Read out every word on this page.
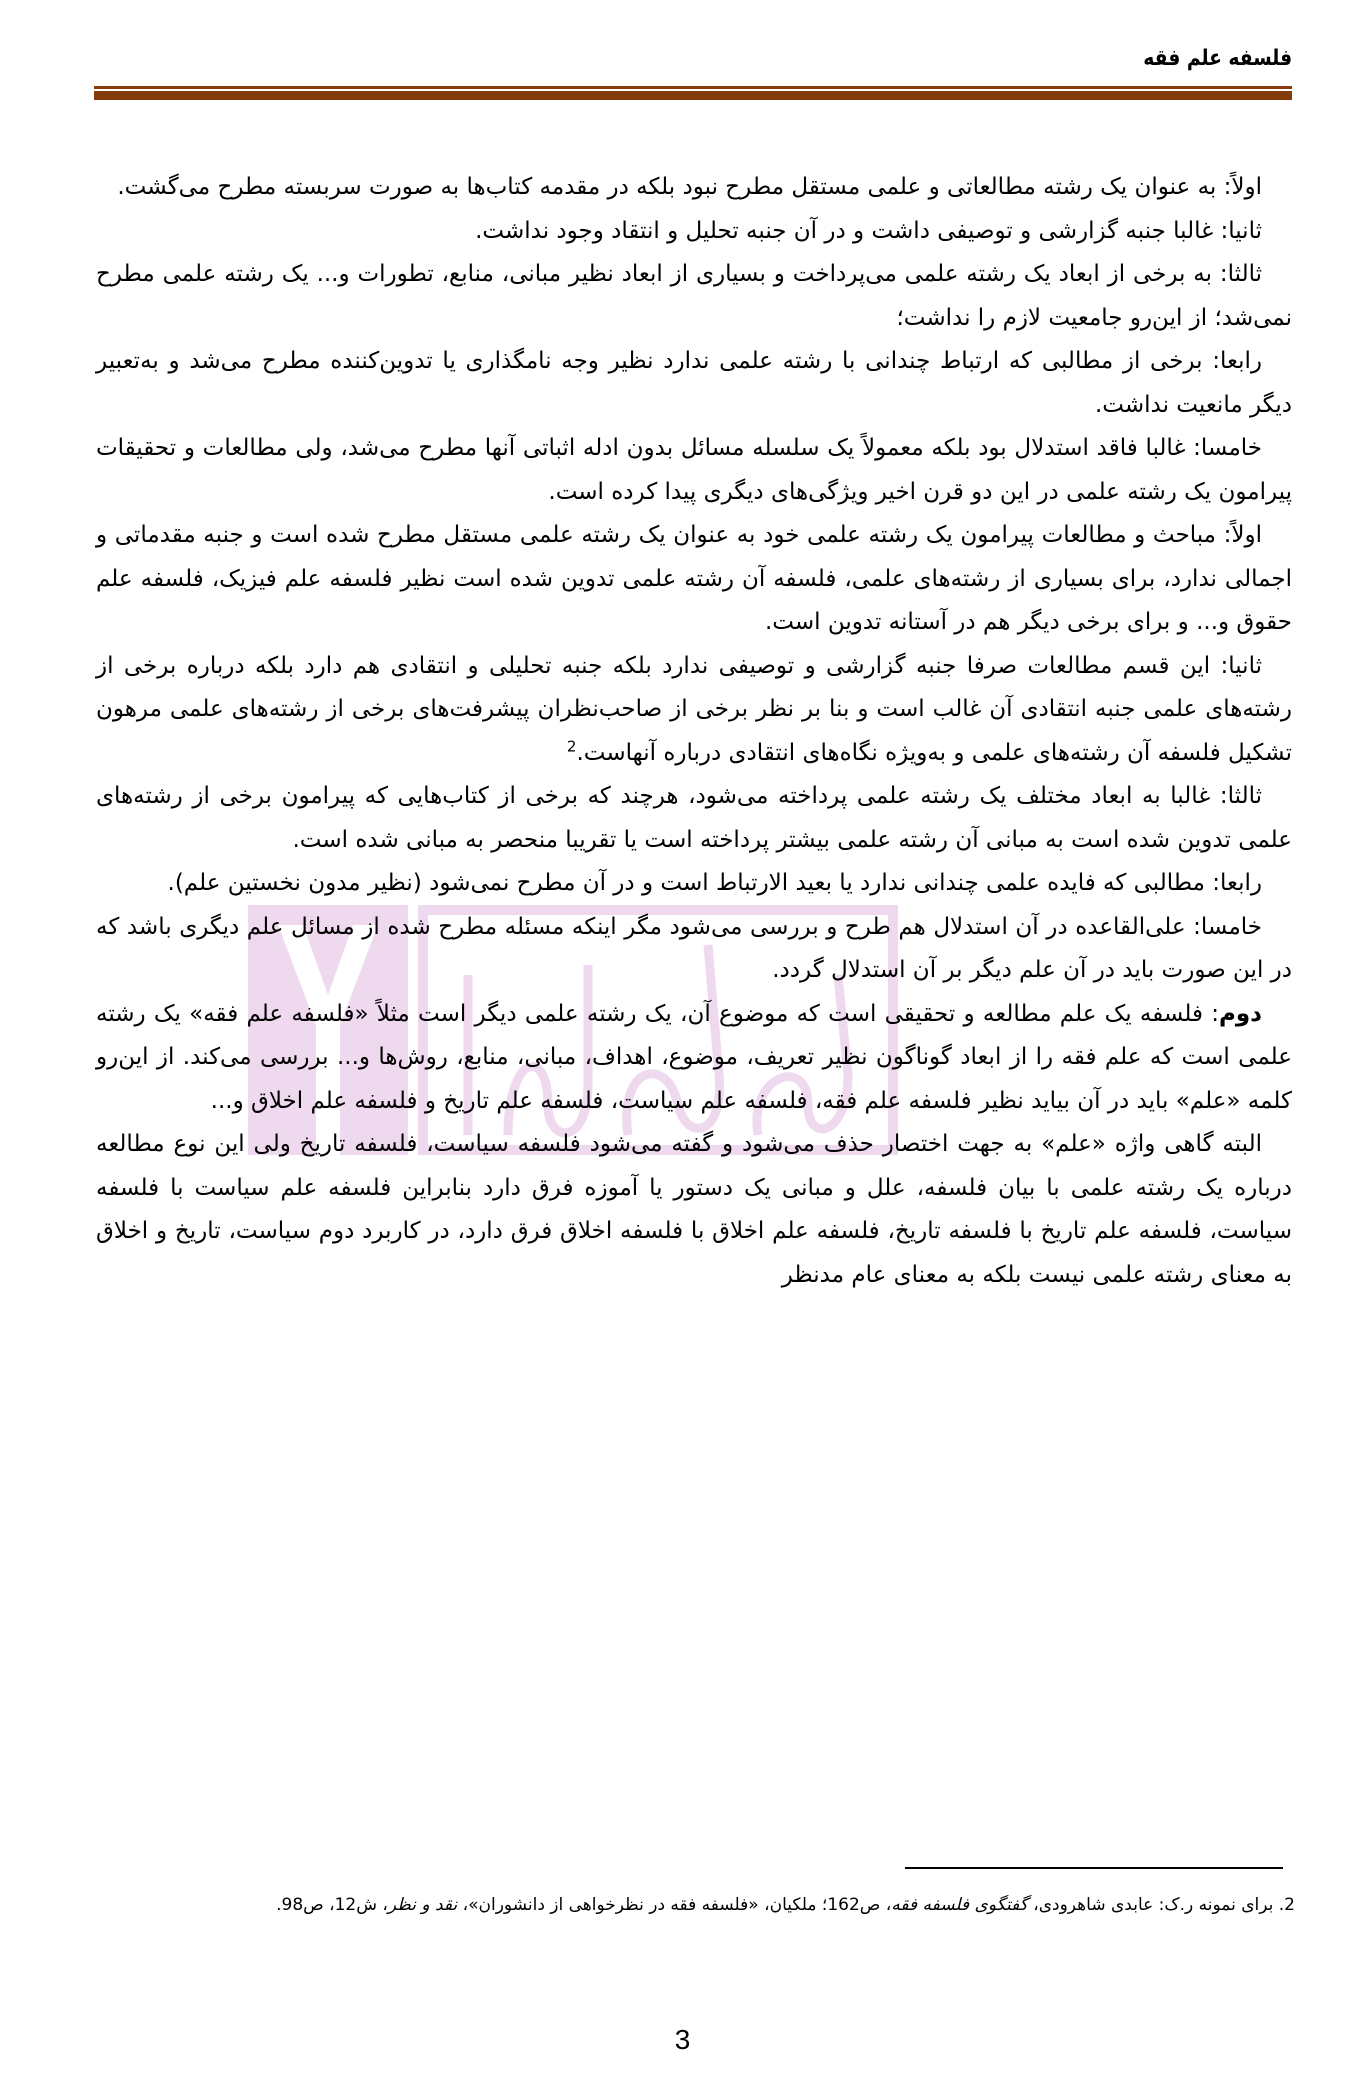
فلسفه علم فقه

اولاً: به عنوان یک رشته مطالعاتی و علمی مستقل مطرح نبود بلکه در مقدمه کتاب‌ها به صورت سربسته مطرح می‌گشت.

ثانیا: غالبا جنبه گزارشی و توصیفی داشت و در آن جنبه تحلیل و انتقاد وجود نداشت.

ثالثا: به برخی از ابعاد یک رشته علمی می‌پرداخت و بسیاری از ابعاد نظیر مبانی، منابع، تطورات و... یک رشته علمی مطرح نمی‌شد؛ از این‌رو جامعیت لازم را نداشت؛

رابعا: برخی از مطالبی که ارتباط چندانی با رشته علمی ندارد نظیر وجه نامگذاری یا تدوین‌کننده مطرح می‌شد و به‌تعبیر دیگر مانعیت نداشت.

خامسا: غالبا فاقد استدلال بود بلکه معمولاً یک سلسله مسائل بدون ادله اثباتی آنها مطرح می‌شد، ولی مطالعات و تحقیقات پیرامون یک رشته علمی در این دو قرن اخیر ویژگی‌های دیگری پیدا کرده است.

اولاً: مباحث و مطالعات پیرامون یک رشته علمی خود به عنوان یک رشته علمی مستقل مطرح شده است و جنبه مقدماتی و اجمالی ندارد، برای بسیاری از رشته‌های علمی، فلسفه آن رشته علمی تدوین شده است نظیر فلسفه علم فیزیک، فلسفه علم حقوق و... و برای برخی دیگر هم در آستانه تدوین است.

ثانیا: این قسم مطالعات صرفا جنبه گزارشی و توصیفی ندارد بلکه جنبه تحلیلی و انتقادی هم دارد بلکه درباره برخی از رشته‌های علمی جنبه انتقادی آن غالب است و بنا بر نظر برخی از صاحب‌نظران پیشرفت‌های برخی از رشته‌های علمی مرهون تشکیل فلسفه آن رشته‌های علمی و به‌ویژه نگاه‌های انتقادی درباره آنهاست.$^2$

ثالثا: غالبا به ابعاد مختلف یک رشته علمی پرداخته می‌شود، هرچند که برخی از کتاب‌هایی که پیرامون برخی از رشته‌های علمی تدوین شده است به مبانی آن رشته علمی بیشتر پرداخته است یا تقریبا منحصر به مبانی شده است.

رابعا: مطالبی که فایده علمی چندانی ندارد یا بعید الارتباط است و در آن مطرح نمی‌شود (نظیر مدون نخستین علم).

خامسا: علی‌القاعده در آن استدلال هم طرح و بررسی می‌شود مگر اینکه مسئله مطرح شده از مسائل علم دیگری باشد که در این صورت باید در آن علم دیگر بر آن استدلال گردد.

دوم: فلسفه یک علم مطالعه و تحقیقی است که موضوع آن، یک رشته علمی دیگر است مثلاً «فلسفه علم فقه» یک رشته علمی است که علم فقه را از ابعاد گوناگون نظیر تعریف، موضوع، اهداف، مبانی، منابع، روش‌ها و... بررسی می‌کند. از این‌رو کلمه «علم» باید در آن بیاید نظیر فلسفه علم فقه، فلسفه علم سیاست، فلسفه علم تاریخ و فلسفه علم اخلاق و...

البته گاهی واژه «علم» به جهت اختصار حذف می‌شود و گفته می‌شود فلسفه سیاست، فلسفه تاریخ ولی این نوع مطالعه درباره یک رشته علمی با بیان فلسفه، علل و مبانی یک دستور یا آموزه فرق دارد بنابراین فلسفه علم سیاست با فلسفه سیاست، فلسفه علم تاریخ با فلسفه تاریخ، فلسفه علم اخلاق با فلسفه اخلاق فرق دارد، در کاربرد دوم سیاست، تاریخ و اخلاق به معنای رشته علمی نیست بلکه به معنای عام مدنظر

2. برای نمونه ر.ک: عابدی شاهرودی، گفتگوی فلسفه فقه، ص162؛ ملکیان، «فلسفه فقه در نظرخواهی از دانشوران»، نقد و نظر، ش12، ص98.
3
